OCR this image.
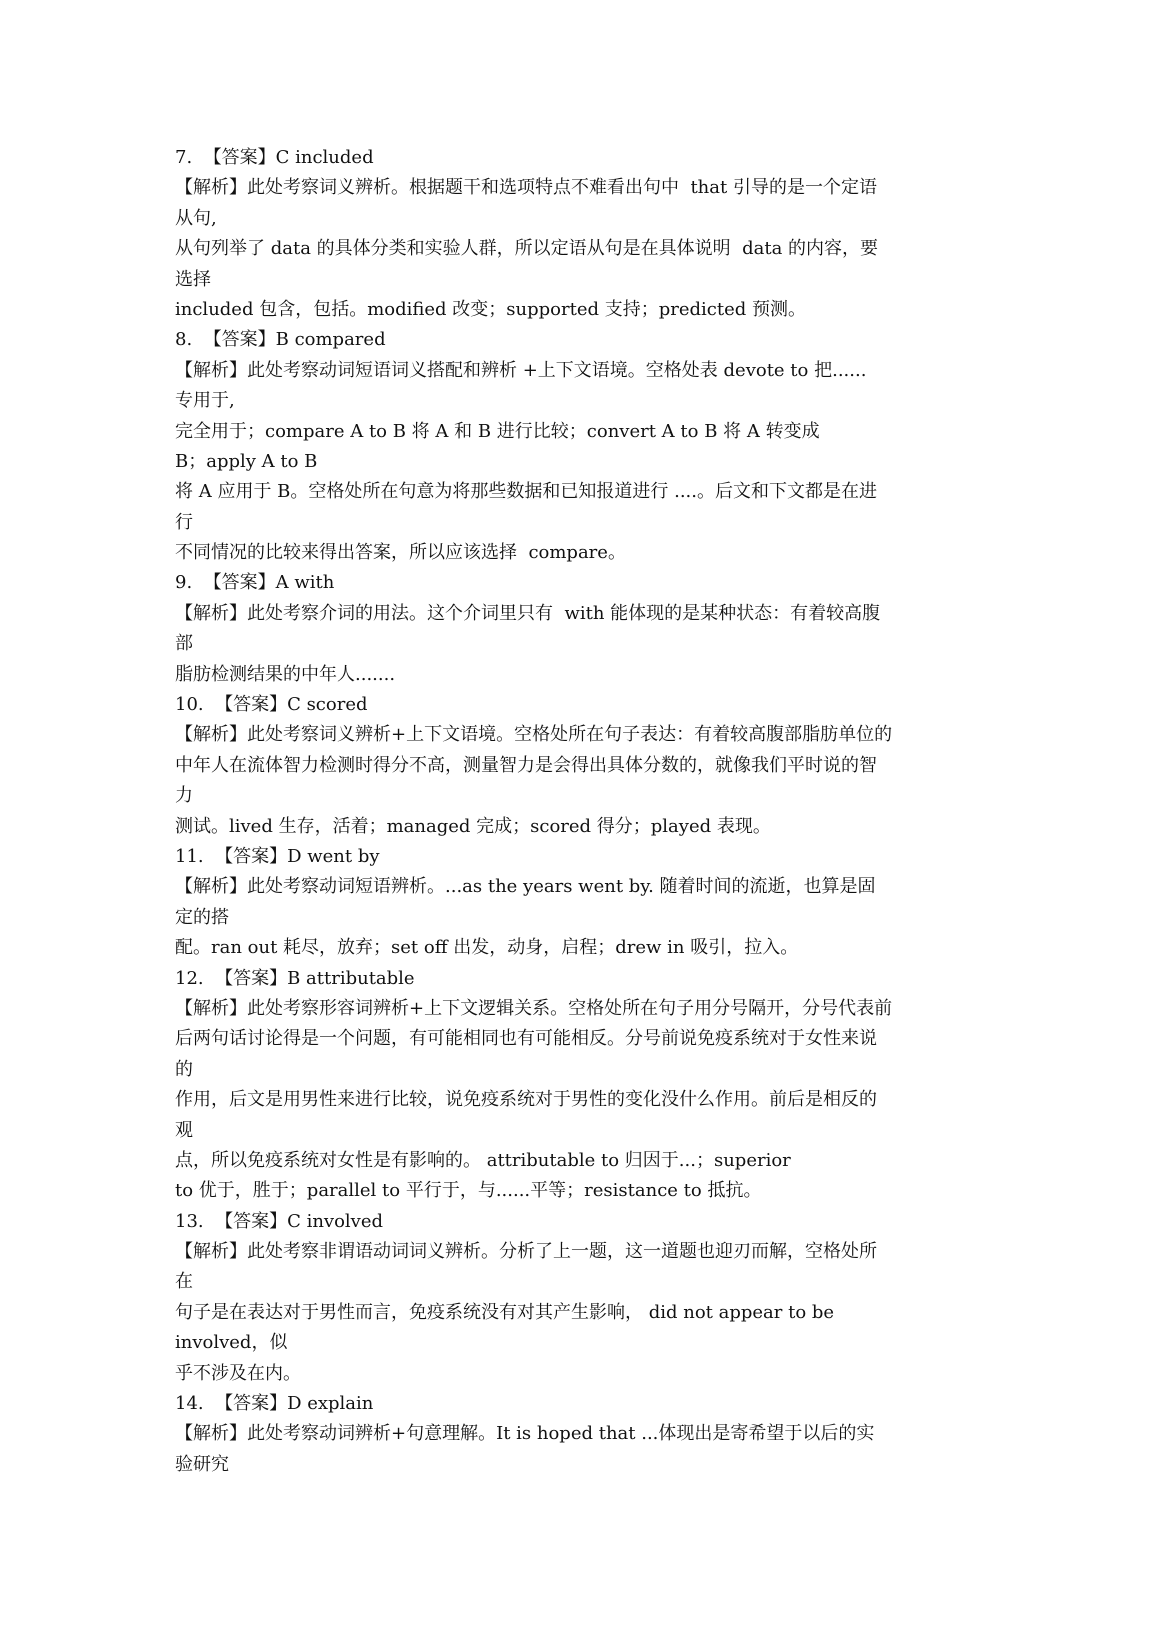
7.  【答案】C included
【解析】此处考察词义辨析。根据题干和选项特点不难看出句中  that 引导的是一个定语
从句,
从句列举了 data 的具体分类和实验人群，所以定语从句是在具体说明  data 的内容，要
选择
included 包含，包括。modified 改变；supported 支持；predicted 预测。
8.  【答案】B compared
【解析】此处考察动词短语词义搭配和辨析 +上下文语境。空格处表 devote to 把......
专用于,
完全用于；compare A to B 将 A 和 B 进行比较；convert A to B 将 A 转变成
B；apply A to B
将 A 应用于 B。空格处所在句意为将那些数据和已知报道进行 ....。后文和下文都是在进
行
不同情况的比较来得出答案，所以应该选择  compare。
9.  【答案】A with
【解析】此处考察介词的用法。这个介词里只有  with 能体现的是某种状态：有着较高腹
部
脂肪检测结果的中年人.......
10.  【答案】C scored
【解析】此处考察词义辨析+上下文语境。空格处所在句子表达：有着较高腹部脂肪单位的
中年人在流体智力检测时得分不高，测量智力是会得出具体分数的，就像我们平时说的智
力
测试。lived 生存，活着；managed 完成；scored 得分；played 表现。
11.  【答案】D went by
【解析】此处考察动词短语辨析。...as the years went by. 随着时间的流逝，也算是固
定的搭
配。ran out 耗尽，放弃；set off 出发，动身，启程；drew in 吸引，拉入。
12.  【答案】B attributable
【解析】此处考察形容词辨析+上下文逻辑关系。空格处所在句子用分号隔开，分号代表前
后两句话讨论得是一个问题，有可能相同也有可能相反。分号前说免疫系统对于女性来说
的
作用，后文是用男性来进行比较，说免疫系统对于男性的变化没什么作用。前后是相反的
观
点，所以免疫系统对女性是有影响的。 attributable to 归因于...；superior
to 优于，胜于；parallel to 平行于，与......平等；resistance to 抵抗。
13.  【答案】C involved
【解析】此处考察非谓语动词词义辨析。分析了上一题，这一道题也迎刃而解，空格处所
在
句子是在表达对于男性而言，免疫系统没有对其产生影响， did not appear to be
involved，似
乎不涉及在内。
14.  【答案】D explain
【解析】此处考察动词辨析+句意理解。It is hoped that ...体现出是寄希望于以后的实
验研究
